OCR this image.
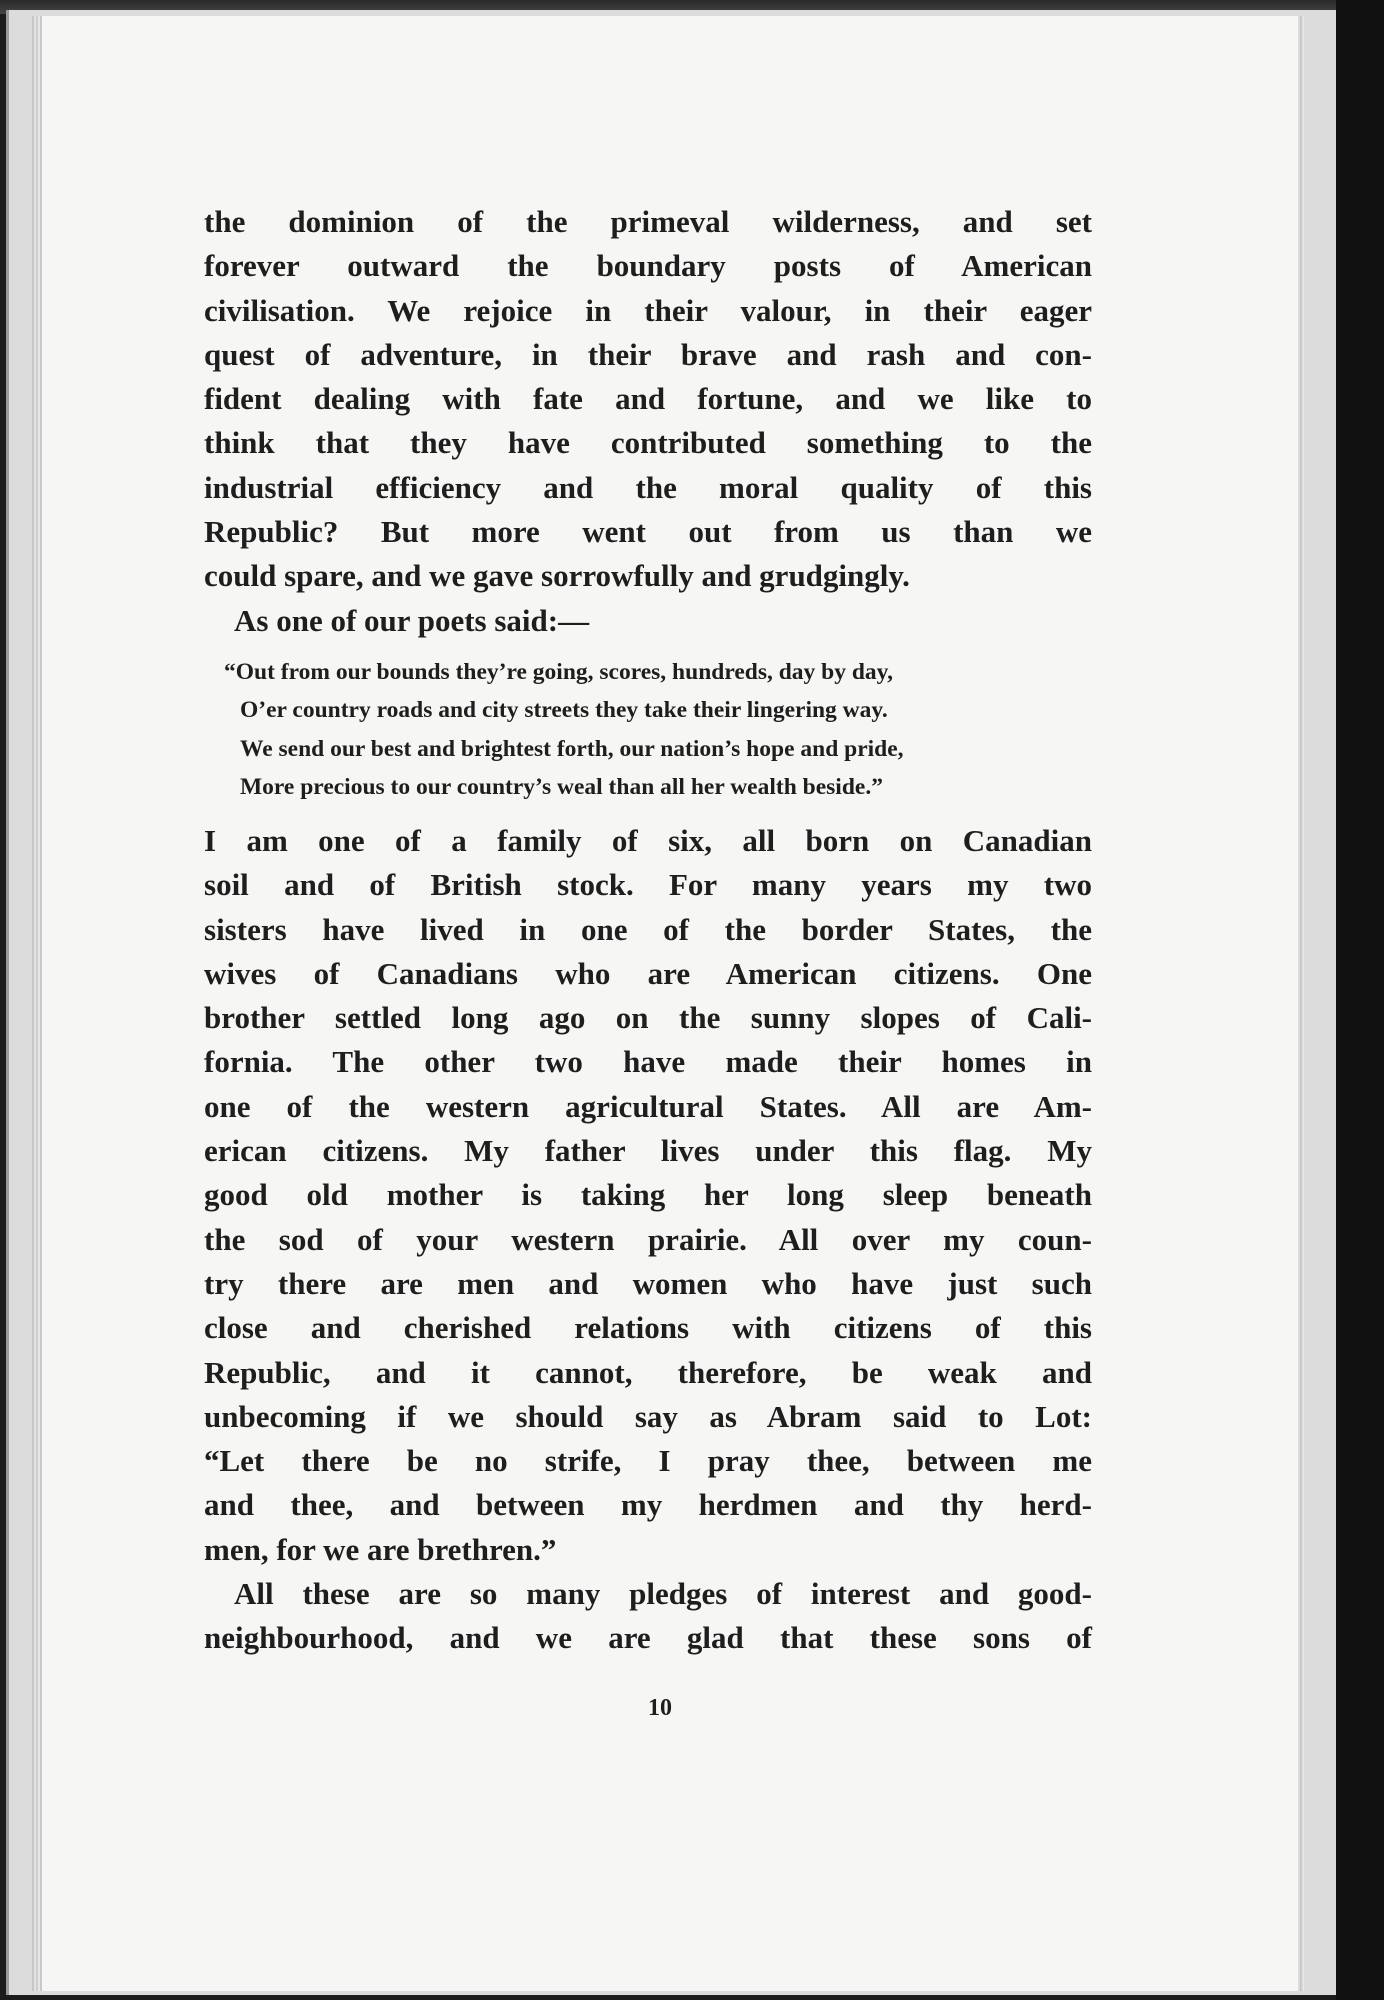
the dominion of the primeval wilderness, and set
forever outward the boundary posts of American
civilisation. We rejoice in their valour, in their eager
quest of adventure, in their brave and rash and con-
fident dealing with fate and fortune, and we like to
think that they have contributed something to the
industrial efficiency and the moral quality of this
Republic? But more went out from us than we
could spare, and we gave sorrowfully and grudgingly.
As one of our poets said:—
“Out from our bounds they’re going, scores, hundreds, day by day,
O’er country roads and city streets they take their lingering way.
We send our best and brightest forth, our nation’s hope and pride,
More precious to our country’s weal than all her wealth beside.”
I am one of a family of six, all born on Canadian
soil and of British stock. For many years my two
sisters have lived in one of the border States, the
wives of Canadians who are American citizens. One
brother settled long ago on the sunny slopes of Cali-
fornia. The other two have made their homes in
one of the western agricultural States. All are Am-
erican citizens. My father lives under this flag. My
good old mother is taking her long sleep beneath
the sod of your western prairie. All over my coun-
try there are men and women who have just such
close and cherished relations with citizens of this
Republic, and it cannot, therefore, be weak and
unbecoming if we should say as Abram said to Lot:
“Let there be no strife, I pray thee, between me
and thee, and between my herdmen and thy herd-
men, for we are brethren.”
All these are so many pledges of interest and good-
neighbourhood, and we are glad that these sons of
10
